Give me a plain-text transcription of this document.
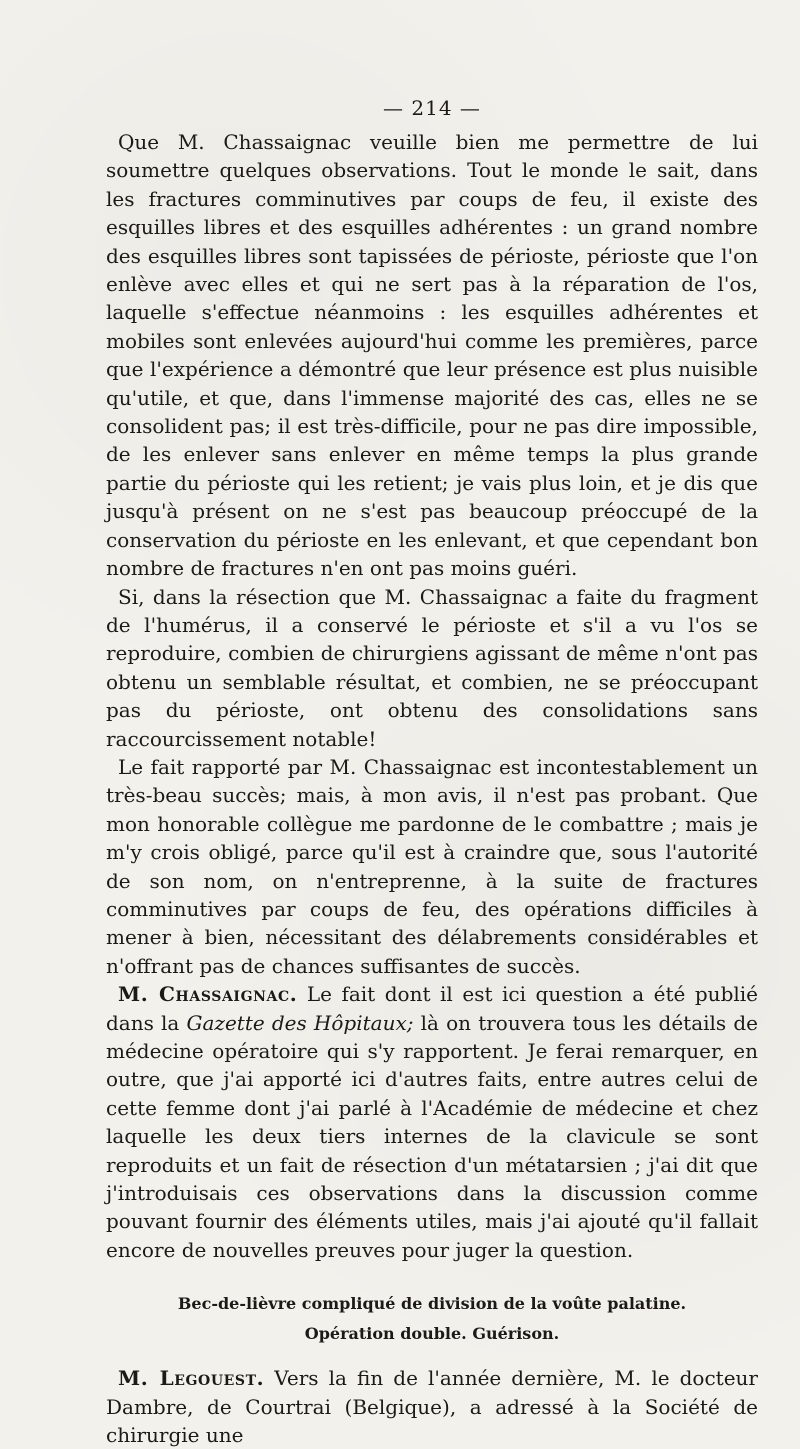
— 214 —

Que M. Chassaignac veuille bien me permettre de lui soumettre quelques observations. Tout le monde le sait, dans les fractures comminutives par coups de feu, il existe des esquilles libres et des esquilles adhérentes : un grand nombre des esquilles libres sont tapissées de périoste, périoste que l'on enlève avec elles et qui ne sert pas à la réparation de l'os, laquelle s'effectue néanmoins : les esquilles adhérentes et mobiles sont enlevées aujourd'hui comme les premières, parce que l'expérience a démontré que leur présence est plus nuisible qu'utile, et que, dans l'immense majorité des cas, elles ne se consolident pas; il est très-difficile, pour ne pas dire impossible, de les enlever sans enlever en même temps la plus grande partie du périoste qui les retient; je vais plus loin, et je dis que jusqu'à présent on ne s'est pas beaucoup préoccupé de la conservation du périoste en les enlevant, et que cependant bon nombre de fractures n'en ont pas moins guéri.

Si, dans la résection que M. Chassaignac a faite du fragment de l'humérus, il a conservé le périoste et s'il a vu l'os se reproduire, combien de chirurgiens agissant de même n'ont pas obtenu un semblable résultat, et combien, ne se préoccupant pas du périoste, ont obtenu des consolidations sans raccourcissement notable!

Le fait rapporté par M. Chassaignac est incontestablement un très-beau succès; mais, à mon avis, il n'est pas probant. Que mon honorable collègue me pardonne de le combattre ; mais je m'y crois obligé, parce qu'il est à craindre que, sous l'autorité de son nom, on n'entreprenne, à la suite de fractures comminutives par coups de feu, des opérations difficiles à mener à bien, nécessitant des délabrements considérables et n'offrant pas de chances suffisantes de succès.

M. Chassaignac. Le fait dont il est ici question a été publié dans la Gazette des Hôpitaux; là on trouvera tous les détails de médecine opératoire qui s'y rapportent. Je ferai remarquer, en outre, que j'ai apporté ici d'autres faits, entre autres celui de cette femme dont j'ai parlé à l'Académie de médecine et chez laquelle les deux tiers internes de la clavicule se sont reproduits et un fait de résection d'un métatarsien ; j'ai dit que j'introduisais ces observations dans la discussion comme pouvant fournir des éléments utiles, mais j'ai ajouté qu'il fallait encore de nouvelles preuves pour juger la question.

Bec-de-lièvre compliqué de division de la voûte palatine.
Opération double. Guérison.

M. Legouest. Vers la fin de l'année dernière, M. le docteur Dambre, de Courtrai (Belgique), a adressé à la Société de chirurgie une
